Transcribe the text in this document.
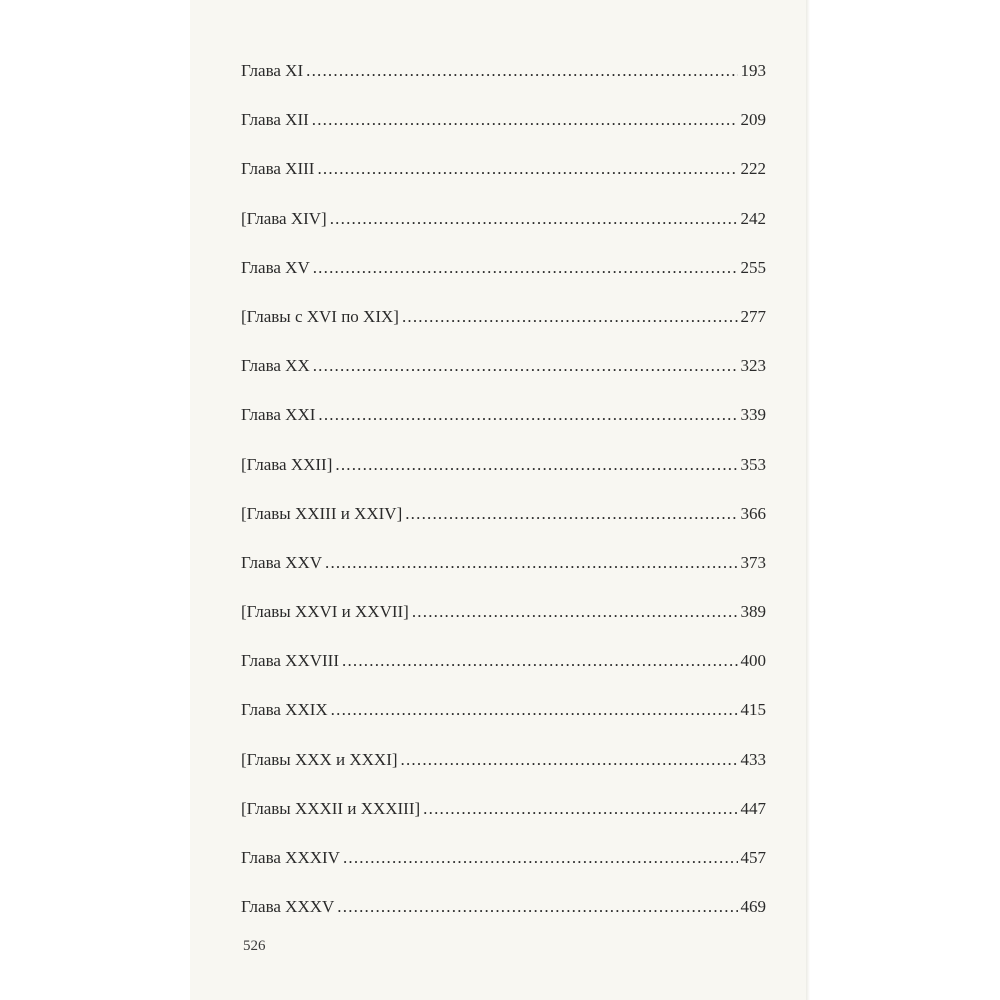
Глава XI .....	193
Глава XII .....	209
Глава XIII .....	222
[Глава XIV] .....	242
Глава XV .....	255
[Главы с XVI по XIX] .....	277
Глава XX .....	323
Глава XXI .....	339
[Глава XXII] .....	353
[Главы XXIII и XXIV] .....	366
Глава XXV .....	373
[Главы XXVI и XXVII] .....	389
Глава XXVIII .....	400
Глава XXIX .....	415
[Главы XXX и XXXI] .....	433
[Главы XXXII и XXXIII] .....	447
Глава XXXIV .....	457
Глава XXXV .....	469
526
